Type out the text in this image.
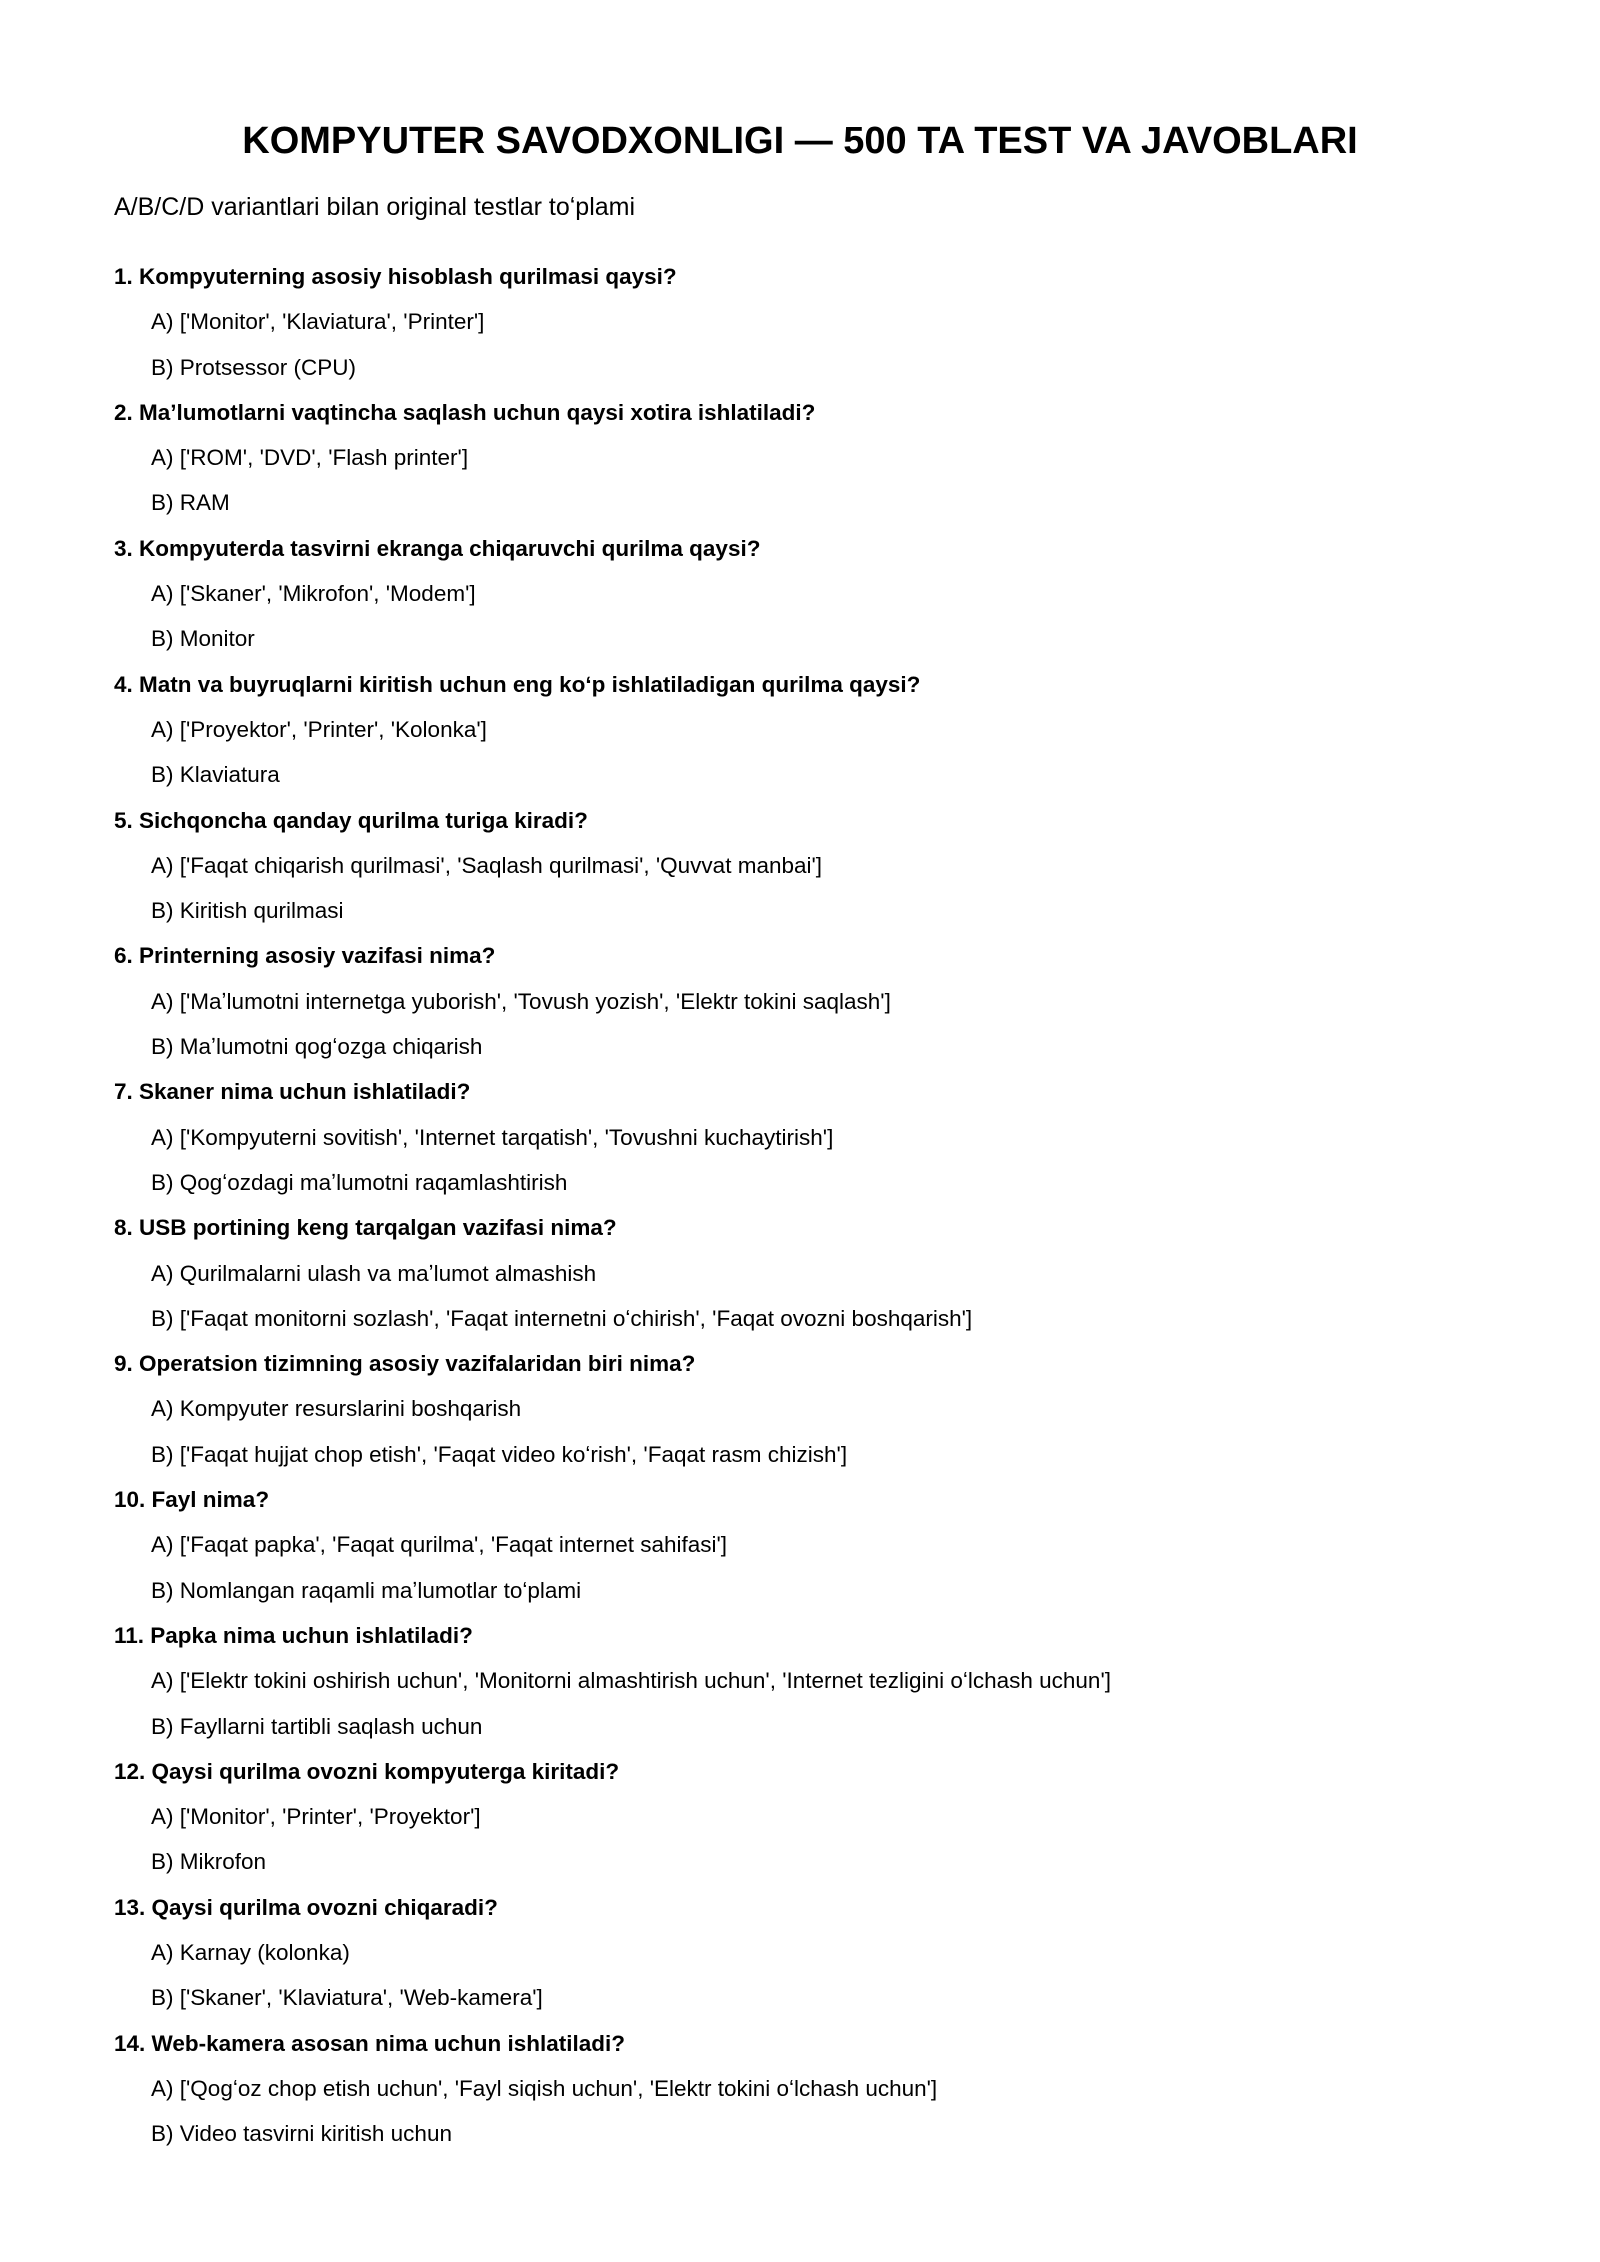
KOMPYUTER SAVODXONLIGI — 500 TA TEST VA JAVOBLARI

A/B/C/D variantlari bilan original testlar toʻplami

1. Kompyuterning asosiy hisoblash qurilmasi qaysi?
A) ['Monitor', 'Klaviatura', 'Printer']
B) Protsessor (CPU)
2. Maʼlumotlarni vaqtincha saqlash uchun qaysi xotira ishlatiladi?
A) ['ROM', 'DVD', 'Flash printer']
B) RAM
3. Kompyuterda tasvirni ekranga chiqaruvchi qurilma qaysi?
A) ['Skaner', 'Mikrofon', 'Modem']
B) Monitor
4. Matn va buyruqlarni kiritish uchun eng koʻp ishlatiladigan qurilma qaysi?
A) ['Proyektor', 'Printer', 'Kolonka']
B) Klaviatura
5. Sichqoncha qanday qurilma turiga kiradi?
A) ['Faqat chiqarish qurilmasi', 'Saqlash qurilmasi', 'Quvvat manbai']
B) Kiritish qurilmasi
6. Printerning asosiy vazifasi nima?
A) ['Maʼlumotni internetga yuborish', 'Tovush yozish', 'Elektr tokini saqlash']
B) Maʼlumotni qogʻozga chiqarish
7. Skaner nima uchun ishlatiladi?
A) ['Kompyuterni sovitish', 'Internet tarqatish', 'Tovushni kuchaytirish']
B) Qogʻozdagi maʼlumotni raqamlashtirish
8. USB portining keng tarqalgan vazifasi nima?
A) Qurilmalarni ulash va maʼlumot almashish
B) ['Faqat monitorni sozlash', 'Faqat internetni oʻchirish', 'Faqat ovozni boshqarish']
9. Operatsion tizimning asosiy vazifalaridan biri nima?
A) Kompyuter resurslarini boshqarish
B) ['Faqat hujjat chop etish', 'Faqat video koʻrish', 'Faqat rasm chizish']
10. Fayl nima?
A) ['Faqat papka', 'Faqat qurilma', 'Faqat internet sahifasi']
B) Nomlangan raqamli maʼlumotlar toʻplami
11. Papka nima uchun ishlatiladi?
A) ['Elektr tokini oshirish uchun', 'Monitorni almashtirish uchun', 'Internet tezligini oʻlchash uchun']
B) Fayllarni tartibli saqlash uchun
12. Qaysi qurilma ovozni kompyuterga kiritadi?
A) ['Monitor', 'Printer', 'Proyektor']
B) Mikrofon
13. Qaysi qurilma ovozni chiqaradi?
A) Karnay (kolonka)
B) ['Skaner', 'Klaviatura', 'Web-kamera']
14. Web-kamera asosan nima uchun ishlatiladi?
A) ['Qogʻoz chop etish uchun', 'Fayl siqish uchun', 'Elektr tokini oʻlchash uchun']
B) Video tasvirni kiritish uchun
